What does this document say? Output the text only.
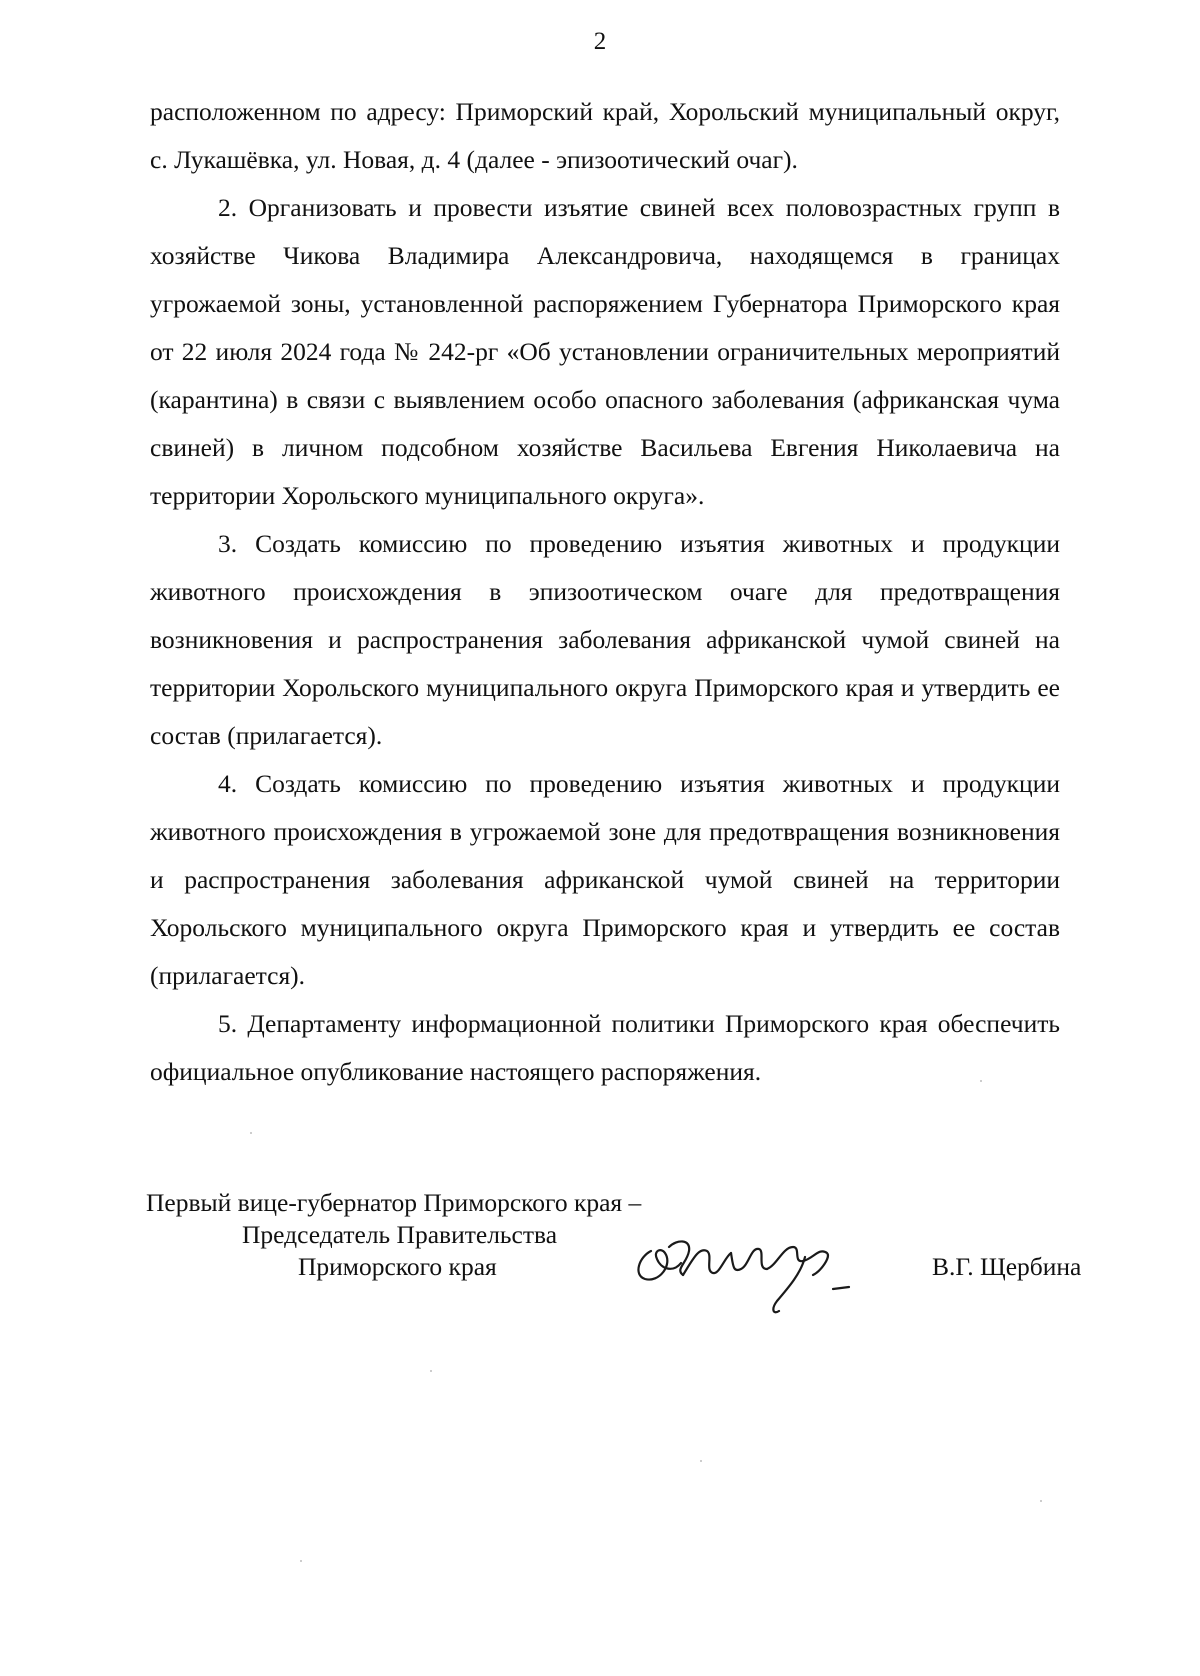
2

расположенном по адресу: Приморский край, Хорольский муниципальный округ, с. Лукашёвка, ул. Новая, д. 4 (далее - эпизоотический очаг).

2. Организовать и провести изъятие свиней всех половозрастных групп в хозяйстве Чикова Владимира Александровича, находящемся в границах угрожаемой зоны, установленной распоряжением Губернатора Приморского края от 22 июля 2024 года № 242-рг «Об установлении ограничительных мероприятий (карантина) в связи с выявлением особо опасного заболевания (африканская чума свиней) в личном подсобном хозяйстве Васильева Евгения Николаевича на территории Хорольского муниципального округа».

3. Создать комиссию по проведению изъятия животных и продукции животного происхождения в эпизоотическом очаге для предотвращения возникновения и распространения заболевания африканской чумой свиней на территории Хорольского муниципального округа Приморского края и утвердить ее состав (прилагается).

4. Создать комиссию по проведению изъятия животных и продукции животного происхождения в угрожаемой зоне для предотвращения возникновения и распространения заболевания африканской чумой свиней на территории Хорольского муниципального округа Приморского края и утвердить ее состав (прилагается).

5. Департаменту информационной политики Приморского края обеспечить официальное опубликование настоящего распоряжения.

Первый вице-губернатор Приморского края –
Председатель Правительства
Приморского края	В.Г. Щербина
